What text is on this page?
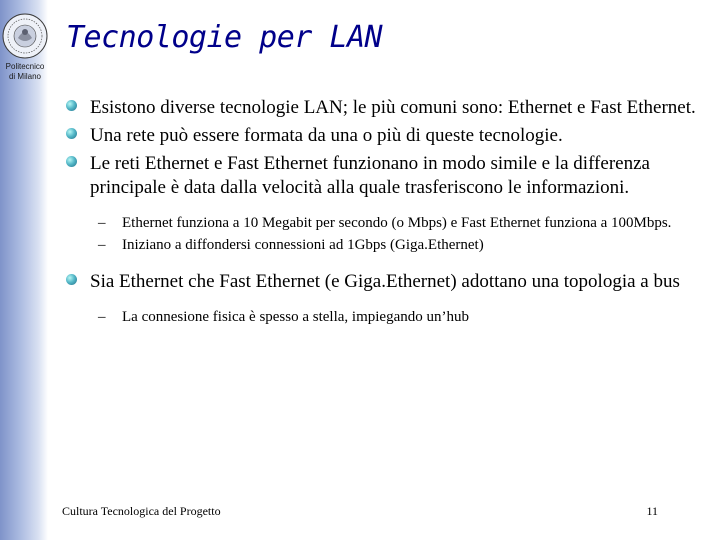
Politecnico
di Milano
Tecnologie per LAN
Esistono diverse tecnologie LAN; le più comuni sono: Ethernet e Fast Ethernet.
Una rete può essere formata da una o più di queste tecnologie.
Le reti Ethernet e Fast Ethernet funzionano in modo simile e la differenza principale è data dalla velocità alla quale trasferiscono le informazioni.
– Ethernet funziona a 10 Megabit per secondo (o Mbps) e Fast Ethernet funziona a 100Mbps.
– Iniziano a diffondersi connessioni ad 1Gbps (Giga.Ethernet)
Sia Ethernet che Fast Ethernet (e Giga.Ethernet) adottano una topologia a bus
– La connesione fisica è spesso a stella, impiegando un’hub
Cultura Tecnologica del Progetto	11
